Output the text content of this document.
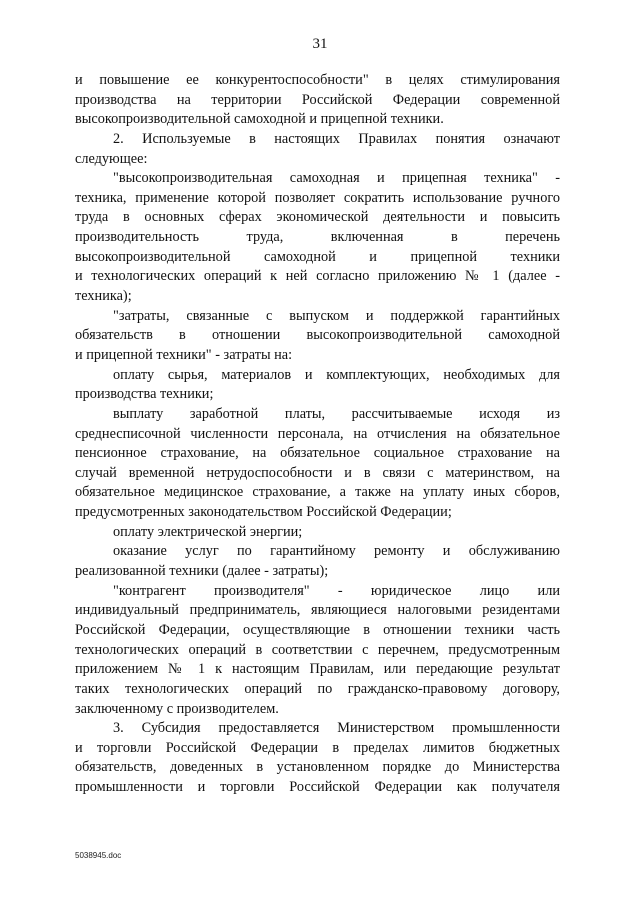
31
и повышение ее конкурентоспособности" в целях стимулирования
производства на территории Российской Федерации современной
высокопроизводительной самоходной и прицепной техники.
2. Используемые в настоящих Правилах понятия означают
следующее:
"высокопроизводительная самоходная и прицепная техника" -
техника, применение которой позволяет сократить использование ручного
труда в основных сферах экономической деятельности и повысить
производительность труда, включенная в перечень
высокопроизводительной самоходной и прицепной техники
и технологических операций к ней согласно приложению № 1 (далее -
техника);
"затраты, связанные с выпуском и поддержкой гарантийных
обязательств в отношении высокопроизводительной самоходной
и прицепной техники" - затраты на:
оплату сырья, материалов и комплектующих, необходимых для
производства техники;
выплату заработной платы, рассчитываемые исходя из
среднесписочной численности персонала, на отчисления на обязательное
пенсионное страхование, на обязательное социальное страхование на
случай временной нетрудоспособности и в связи с материнством, на
обязательное медицинское страхование, а также на уплату иных сборов,
предусмотренных законодательством Российской Федерации;
оплату электрической энергии;
оказание услуг по гарантийному ремонту и обслуживанию
реализованной техники (далее - затраты);
"контрагент производителя" - юридическое лицо или
индивидуальный предприниматель, являющиеся налоговыми резидентами
Российской Федерации, осуществляющие в отношении техники часть
технологических операций в соответствии с перечнем, предусмотренным
приложением № 1 к настоящим Правилам, или передающие результат
таких технологических операций по гражданско-правовому договору,
заключенному с производителем.
3. Субсидия предоставляется Министерством промышленности
и торговли Российской Федерации в пределах лимитов бюджетных
обязательств, доведенных в установленном порядке до Министерства
промышленности и торговли Российской Федерации как получателя
5038945.doc
